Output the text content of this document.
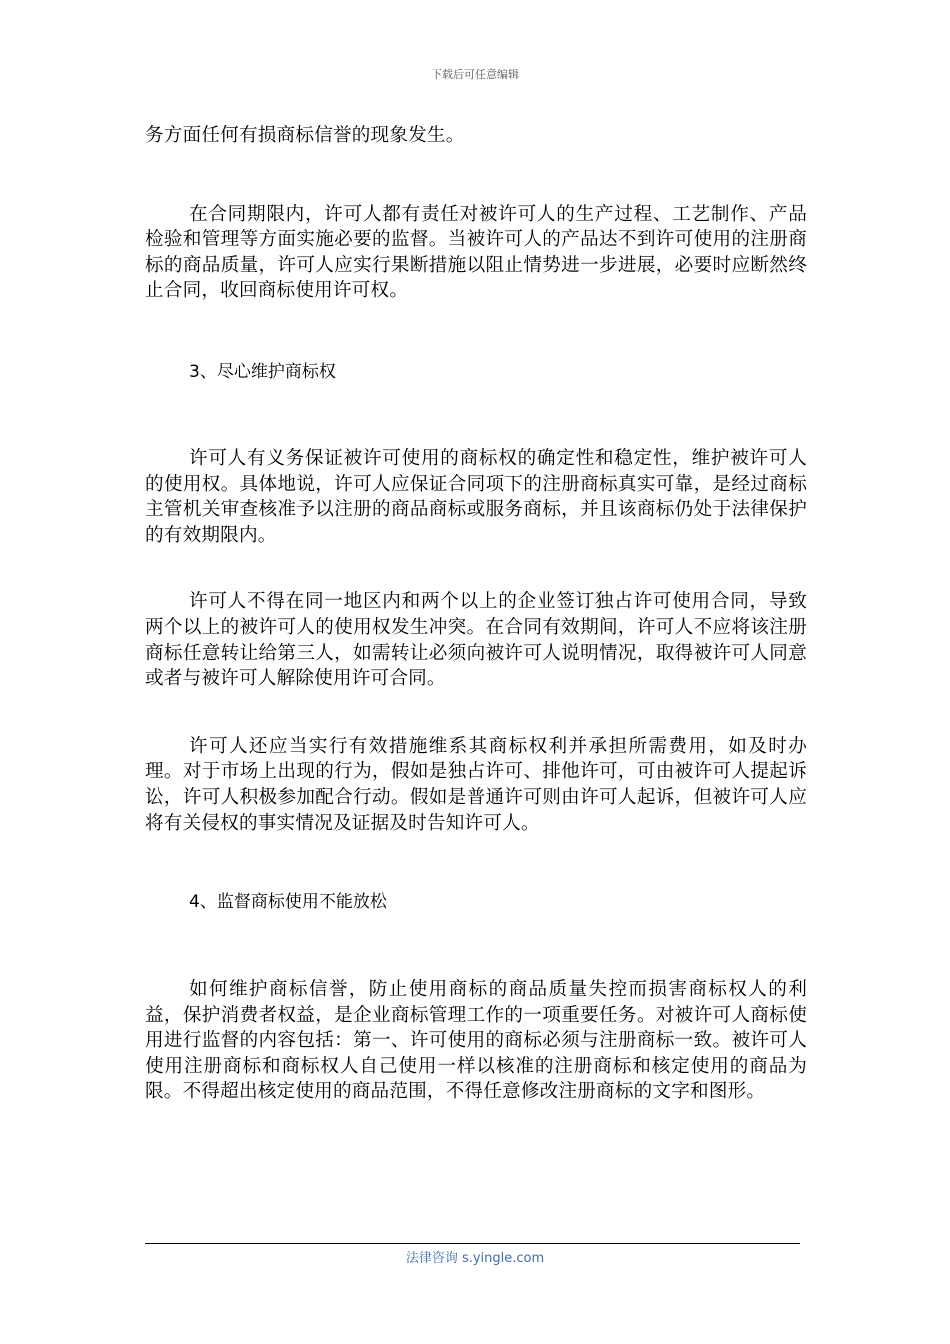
下载后可任意编辑

务方面任何有损商标信誉的现象发生。

在合同期限内，许可人都有责任对被许可人的生产过程、工艺制作、产品检验和管理等方面实施必要的监督。当被许可人的产品达不到许可使用的注册商标的商品质量，许可人应实行果断措施以阻止情势进一步进展，必要时应断然终止合同，收回商标使用许可权。

3、尽心维护商标权

许可人有义务保证被许可使用的商标权的确定性和稳定性，维护被许可人的使用权。具体地说，许可人应保证合同项下的注册商标真实可靠，是经过商标主管机关审查核准予以注册的商品商标或服务商标，并且该商标仍处于法律保护的有效期限内。

许可人不得在同一地区内和两个以上的企业签订独占许可使用合同，导致两个以上的被许可人的使用权发生冲突。在合同有效期间，许可人不应将该注册商标任意转让给第三人，如需转让必须向被许可人说明情况，取得被许可人同意或者与被许可人解除使用许可合同。

许可人还应当实行有效措施维系其商标权利并承担所需费用，如及时办理。对于市场上出现的行为，假如是独占许可、排他许可，可由被许可人提起诉讼，许可人积极参加配合行动。假如是普通许可则由许可人起诉，但被许可人应将有关侵权的事实情况及证据及时告知许可人。

4、监督商标使用不能放松

如何维护商标信誉，防止使用商标的商品质量失控而损害商标权人的利益，保护消费者权益，是企业商标管理工作的一项重要任务。对被许可人商标使用进行监督的内容包括：第一、许可使用的商标必须与注册商标一致。被许可人使用注册商标和商标权人自己使用一样以核准的注册商标和核定使用的商品为限。不得超出核定使用的商品范围，不得任意修改注册商标的文字和图形。

法律咨询 s.yingle.com
